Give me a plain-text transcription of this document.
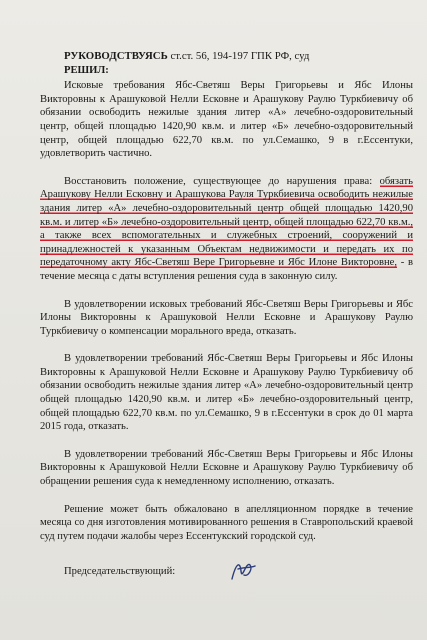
РУКОВОДСТВУЯСЬ ст.ст. 56, 194-197 ГПК РФ, суд
РЕШИЛ:

Исковые требования Ябс-Светяш Веры Григорьевы и Ябс Илоны Викторовны к Арашуковой Нелли Есковне и Арашукову Раулю Туркбиевичу об обязании освободить нежилые здания литер «А» лечебно-оздоровительный центр, общей площадью 1420,90 кв.м. и литер «Б» лечебно-оздоровительный центр, общей площадью 622,70 кв.м. по ул.Семашко, 9 в г.Ессентуки, удовлетворить частично.

Восстановить положение, существующее до нарушения права: обязать Арашукову Нелли Есковну и Арашукова Рауля Туркбиевича освободить нежилые здания литер «А» лечебно-оздоровительный центр общей площадью 1420,90 кв.м. и литер «Б» лечебно-оздоровительный центр, общей площадью 622,70 кв.м., а также всех вспомогательных и служебных строений, сооружений и принадлежностей к указанным Объектам недвижимости и передать их по передаточному акту Ябс-Светяш Вере Григорьевне и Ябс Илоне Викторовне, - в течение месяца с даты вступления решения суда в законную силу.

В удовлетворении исковых требований Ябс-Светяш Веры Григорьевы и Ябс Илоны Викторовны к Арашуковой Нелли Есковне и Арашукову Раулю Туркбиевичу о компенсации морального вреда, отказать.

В удовлетворении требований Ябс-Светяш Веры Григорьевы и Ябс Илоны Викторовны к Арашуковой Нелли Есковне и Арашукову Раулю Туркбиевичу об обязании освободить нежилые здания литер «А» лечебно-оздоровительный центр общей площадью 1420,90 кв.м. и литер «Б» лечебно-оздоровительный центр, общей площадью 622,70 кв.м. по ул.Семашко, 9 в г.Ессентуки в срок до 01 марта 2015 года, отказать.

В удовлетворении требований Ябс-Светяш Веры Григорьевы и Ябс Илоны Викторовны к Арашуковой Нелли Есковне и Арашукову Раулю Туркбиевичу об обращении решения суда к немедленному исполнению, отказать.

Решение может быть обжаловано в апелляционном порядке в течение месяца со дня изготовления мотивированного решения в Ставропольский краевой суд путем подачи жалобы через Ессентукский городской суд.

Председательствующий:
